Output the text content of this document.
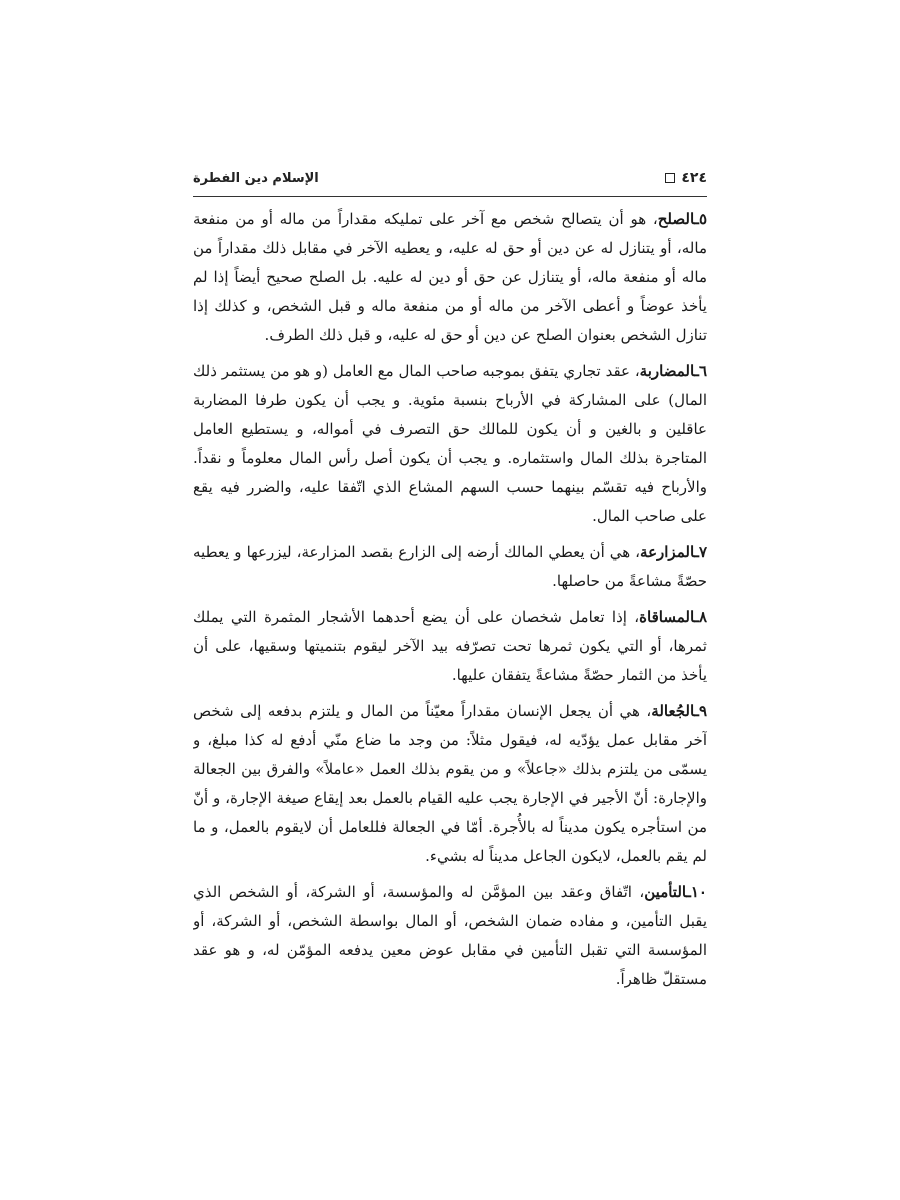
٤٢٤
الإسلام دين الفطرة

٥ـالصلح، هو أن يتصالح شخص مع آخر على تمليكه مقداراً من ماله أو من منفعة ماله، أو يتنازل له عن دين أو حق له عليه، و يعطيه الآخر في مقابل ذلك مقداراً من ماله أو منفعة ماله، أو يتنازل عن حق أو دين له عليه. بل الصلح صحيح أيضاً إذا لم يأخذ عوضاً و أعطى الآخر من ماله أو من منفعة ماله و قبل الشخص، و كذلك إذا تنازل الشخص بعنوان الصلح عن دين أو حق له عليه، و قبل ذلك الطرف.

٦ـالمضاربة، عقد تجاري يتفق بموجبه صاحب المال مع العامل (و هو من يستثمر ذلك المال) على المشاركة في الأرباح بنسبة مئوية. و يجب أن يكون طرفا المضاربة عاقلين و بالغين و أن يكون للمالك حق التصرف في أمواله، و يستطيع العامل المتاجرة بذلك المال واستثماره. و يجب أن يكون أصل رأس المال معلوماً و نقداً. والأرباح فيه تقسّم بينهما حسب السهم المشاع الذي اتّفقا عليه، والضرر فيه يقع على صاحب المال.

٧ـالمزارعة، هي أن يعطي المالك أرضه إلى الزارع بقصد المزارعة، ليزرعها و يعطيه حصّةً مشاعةً من حاصلها.

٨ـالمساقاة، إذا تعامل شخصان على أن يضع أحدهما الأشجار المثمرة التي يملك ثمرها، أو التي يكون ثمرها تحت تصرّفه بيد الآخر ليقوم بتنميتها وسقيها، على أن يأخذ من الثمار حصّةً مشاعةً يتفقان عليها.

٩ـالجُعالة، هي أن يجعل الإنسان مقداراً معيّناً من المال و يلتزم بدفعه إلى شخص آخر مقابل عمل يؤدّيه له، فيقول مثلاً: من وجد ما ضاع منّي أدفع له كذا مبلغ، و يسمّى من يلتزم بذلك «جاعلاً» و من يقوم بذلك العمل «عاملاً» والفرق بين الجعالة والإجارة: أنّ الأجير في الإجارة يجب عليه القيام بالعمل بعد إيقاع صيغة الإجارة، و أنّ من استأجره يكون مديناً له بالأُجرة. أمّا في الجعالة فللعامل أن لايقوم بالعمل، و ما لم يقم بالعمل، لايكون الجاعل مديناً له بشيء.

١٠ـالتأمين، اتّفاق وعقد بين المؤمَّن له والمؤسسة، أو الشركة، أو الشخص الذي يقبل التأمين، و مفاده ضمان الشخص، أو المال بواسطة الشخص، أو الشركة، أو المؤسسة التي تقبل التأمين في مقابل عوض معين يدفعه المؤمّن له، و هو عقد مستقلّ ظاهراً.
